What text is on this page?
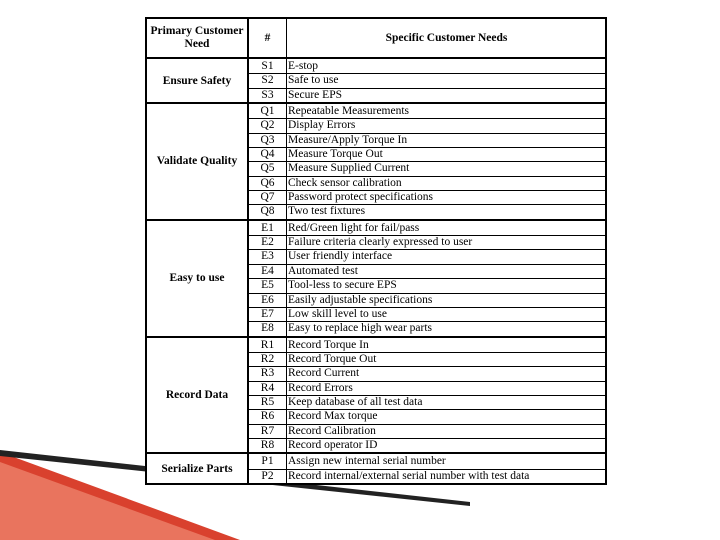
Primary Customer Need
#	Specific Customer Needs
Ensure Safety
S1	E-stop
S2	Safe to use
S3	Secure EPS
Validate Quality
Q1	Repeatable Measurements
Q2	Display Errors
Q3	Measure/Apply Torque In
Q4	Measure Torque Out
Q5	Measure Supplied Current
Q6	Check sensor calibration
Q7	Password protect specifications
Q8	Two test fixtures
Easy to use
E1	Red/Green light for fail/pass
E2	Failure criteria clearly expressed to user
E3	User friendly interface
E4	Automated test
E5	Tool-less to secure EPS
E6	Easily adjustable specifications
E7	Low skill level to use
E8	Easy to replace high wear parts
Record Data
R1	Record Torque In
R2	Record Torque Out
R3	Record Current
R4	Record Errors
R5	Keep database of all test data
R6	Record Max torque
R7	Record Calibration
R8	Record operator ID
Serialize Parts
P1	Assign new internal serial number
P2	Record internal/external serial number with test data
